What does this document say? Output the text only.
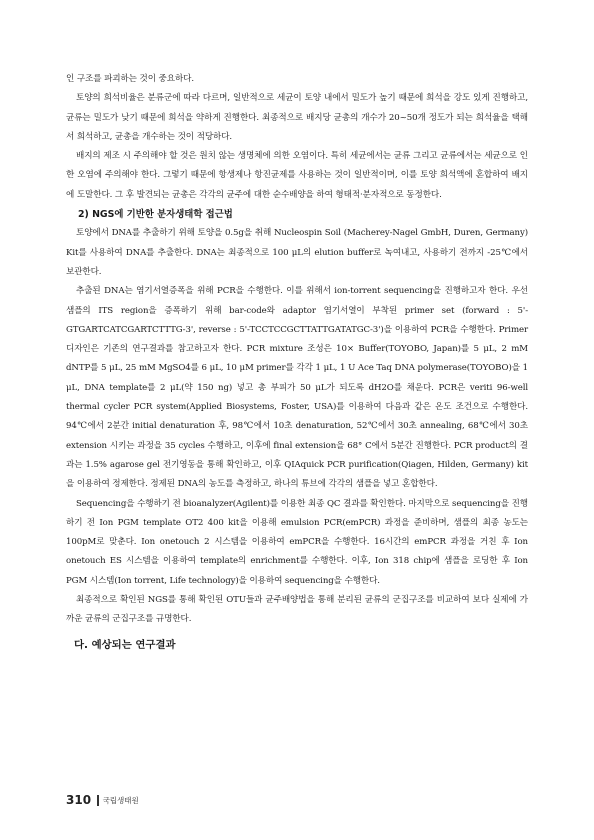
인 구조를 파괴하는 것이 중요하다.

토양의 희석비율은 분류군에 따라 다르며, 일반적으로 세균이 토양 내에서 밀도가 높기 때문에 희석을 강도 있게 진행하고, 균류는 밀도가 낮기 때문에 희석을 약하게 진행한다. 최종적으로 배지당 균총의 개수가 20~50개 정도가 되는 희석율을 택해서 희석하고, 균총을 개수하는 것이 적당하다.

배지의 제조 시 주의해야 할 것은 원치 않는 생명체에 의한 오염이다. 특히 세균에서는 균류 그리고 균류에서는 세균으로 인한 오염에 주의해야 한다. 그렇기 때문에 항생제나 항진균제를 사용하는 것이 일반적이며, 이를 토양 희석액에 혼합하여 배지에 도말한다. 그 후 발견되는 균총은 각각의 균주에 대한 순수배양을 하여 형태적·분자적으로 동정한다.

2) NGS에 기반한 분자생태학 접근법

토양에서 DNA를 추출하기 위해 토양을 0.5g을 취해 Nucleospin Soil (Macherey-Nagel GmbH, Duren, Germany) Kit를 사용하여 DNA를 추출한다. DNA는 최종적으로 100 μL의 elution buffer로 녹여내고, 사용하기 전까지 -25℃에서 보관한다.

추출된 DNA는 염기서열증폭을 위해 PCR을 수행한다. 이를 위해서 ion-torrent sequencing을 진행하고자 한다. 우선 샘플의 ITS region을 증폭하기 위해 bar-code와 adaptor 염기서열이 부착된 primer set (forward : 5'-GTGARTCATCGARTCTTTG-3', reverse : 5'-TCCTCCGCTTATTGATATGC-3')을 이용하여 PCR을 수행한다. Primer 디자인은 기존의 연구결과를 참고하고자 한다. PCR mixture 조성은 10× Buffer(TOYOBO, Japan)를 5 μL, 2 mM dNTP를 5 μL, 25 mM MgSO4를 6 μL, 10 μM primer를 각각 1 μL, 1 U Ace Taq DNA polymerase(TOYOBO)을 1 μL, DNA template를 2 μL(약 150 ng) 넣고 총 부피가 50 μL가 되도록 dH2O를 채운다. PCR은 veriti 96-well thermal cycler PCR system(Applied Biosystems, Foster, USA)를 이용하여 다음과 같은 온도 조건으로 수행한다. 94℃에서 2분간 initial denaturation 후, 98℃에서 10초 denaturation, 52℃에서 30초 annealing, 68℃에서 30초 extension 시키는 과정을 35 cycles 수행하고, 이후에 final extension을 68° C에서 5분간 진행한다. PCR product의 결과는 1.5% agarose gel 전기영동을 통해 확인하고, 이후 QIAquick PCR purification(Qiagen, Hilden, Germany) kit을 이용하여 정제한다. 정제된 DNA의 농도를 측정하고, 하나의 튜브에 각각의 샘플을 넣고 혼합한다.

Sequencing을 수행하기 전 bioanalyzer(Agilent)를 이용한 최종 QC 결과를 확인한다. 마지막으로 sequencing을 진행하기 전 Ion PGM template OT2 400 kit을 이용해 emulsion PCR(emPCR) 과정을 준비하며, 샘플의 최종 농도는 100pM로 맞춘다. Ion onetouch 2 시스템을 이용하여 emPCR을 수행한다. 16시간의 emPCR 과정을 거친 후 Ion onetouch ES 시스템을 이용하여 template의 enrichment를 수행한다. 이후, Ion 318 chip에 샘플을 로딩한 후 Ion PGM 시스템(Ion torrent, Life technology)을 이용하여 sequencing을 수행한다.

최종적으로 확인된 NGS를 통해 확인된 OTU들과 균주배양법을 통해 분리된 균류의 군집구조를 비교하여 보다 실제에 가까운 균류의 군집구조를 규명한다.

다. 예상되는 연구결과
310 국립생태원
